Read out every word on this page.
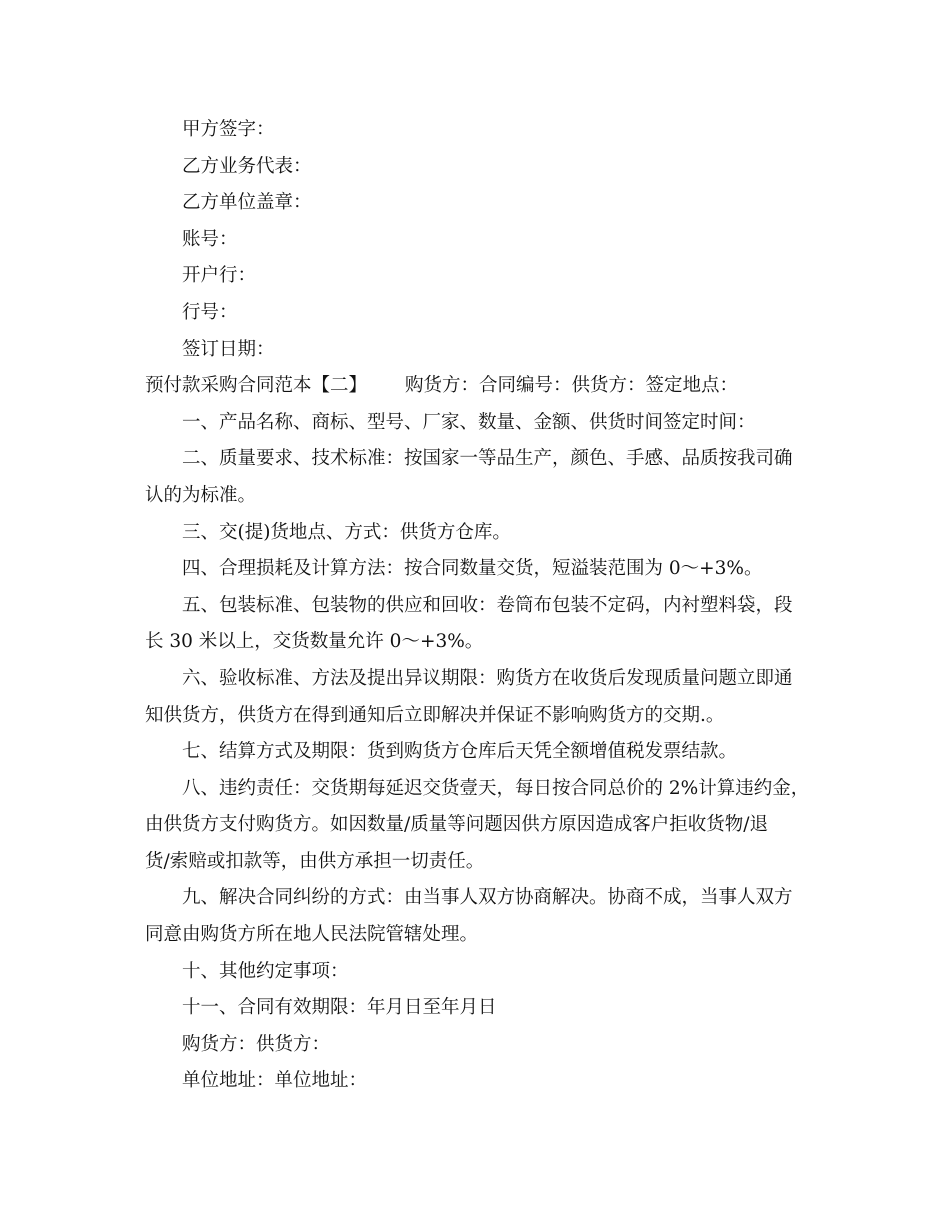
甲方签字：

乙方业务代表：

乙方单位盖章：

账号：

开户行：

行号：

签订日期：

预付款采购合同范本【二】 购货方：合同编号：供货方：签定地点：

一、产品名称、商标、型号、厂家、数量、金额、供货时间签定时间：

二、质量要求、技术标准：按国家一等品生产，颜色、手感、品质按我司确

认的为标准。

三、交(提)货地点、方式：供货方仓库。

四、合理损耗及计算方法：按合同数量交货，短溢装范围为 0～+3%。

五、包装标准、包装物的供应和回收：卷筒布包装不定码，内衬塑料袋，段

长 30 米以上，交货数量允许 0～+3%。

六、验收标准、方法及提出异议期限：购货方在收货后发现质量问题立即通

知供货方，供货方在得到通知后立即解决并保证不影响购货方的交期.。

七、结算方式及期限：货到购货方仓库后天凭全额增值税发票结款。

八、违约责任：交货期每延迟交货壹天，每日按合同总价的 2%计算违约金，

由供货方支付购货方。如因数量/质量等问题因供方原因造成客户拒收货物/退

货/索赔或扣款等，由供方承担一切责任。

九、解决合同纠纷的方式：由当事人双方协商解决。协商不成，当事人双方

同意由购货方所在地人民法院管辖处理。

十、其他约定事项：

十一、合同有效期限：年月日至年月日

购货方：供货方：

单位地址：单位地址：
